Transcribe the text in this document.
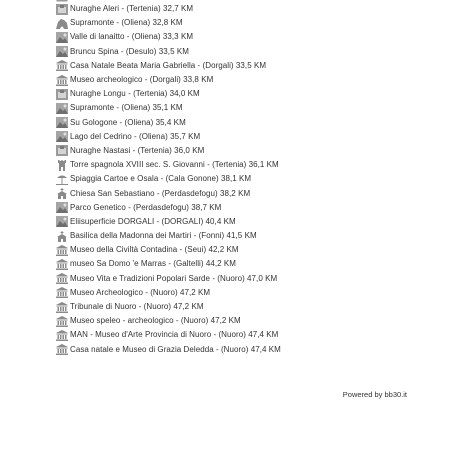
Nuraghe Aleri - (Tertenia) 32,7 KM
Supramonte - (Oliena) 32,8 KM
Valle di lanaitto - (Oliena) 33,3 KM
Bruncu Spina - (Desulo) 33,5 KM
Casa Natale Beata Maria Gabriella - (Dorgali) 33,5 KM
Museo archeologico - (Dorgali) 33,8 KM
Nuraghe Longu - (Tertenia) 34,0 KM
Supramonte - (Oliena) 35,1 KM
Su Gologone - (Oliena) 35,4 KM
Lago del Cedrino - (Oliena) 35,7 KM
Nuraghe Nastasi - (Tertenia) 36,0 KM
Torre spagnola XVIII sec. S. Giovanni - (Tertenia) 36,1 KM
Spiaggia Cartoe e Osala - (Cala Gonone) 38,1 KM
Chiesa San Sebastiano - (Perdasdefogu) 38,2 KM
Parco Genetico - (Perdasdefogu) 38,7 KM
Eliisuperficie DORGALI - (DORGALI) 40,4 KM
Basilica della Madonna dei Martiri - (Fonni) 41,5 KM
Museo della Civiltà Contadina - (Seui) 42,2 KM
museo Sa Domo 'e Marras - (Galtelli) 44,2 KM
Museo Vita e Tradizioni Popolari Sarde - (Nuoro) 47,0 KM
Museo Archeologico - (Nuoro) 47,2 KM
Tribunale di Nuoro - (Nuoro) 47,2 KM
Museo speleo - archeologico - (Nuoro) 47,2 KM
MAN - Museo d'Arte Provincia di Nuoro - (Nuoro) 47,4 KM
Casa natale e Museo di Grazia Deledda - (Nuoro) 47,4 KM
Powered by bb30.it
